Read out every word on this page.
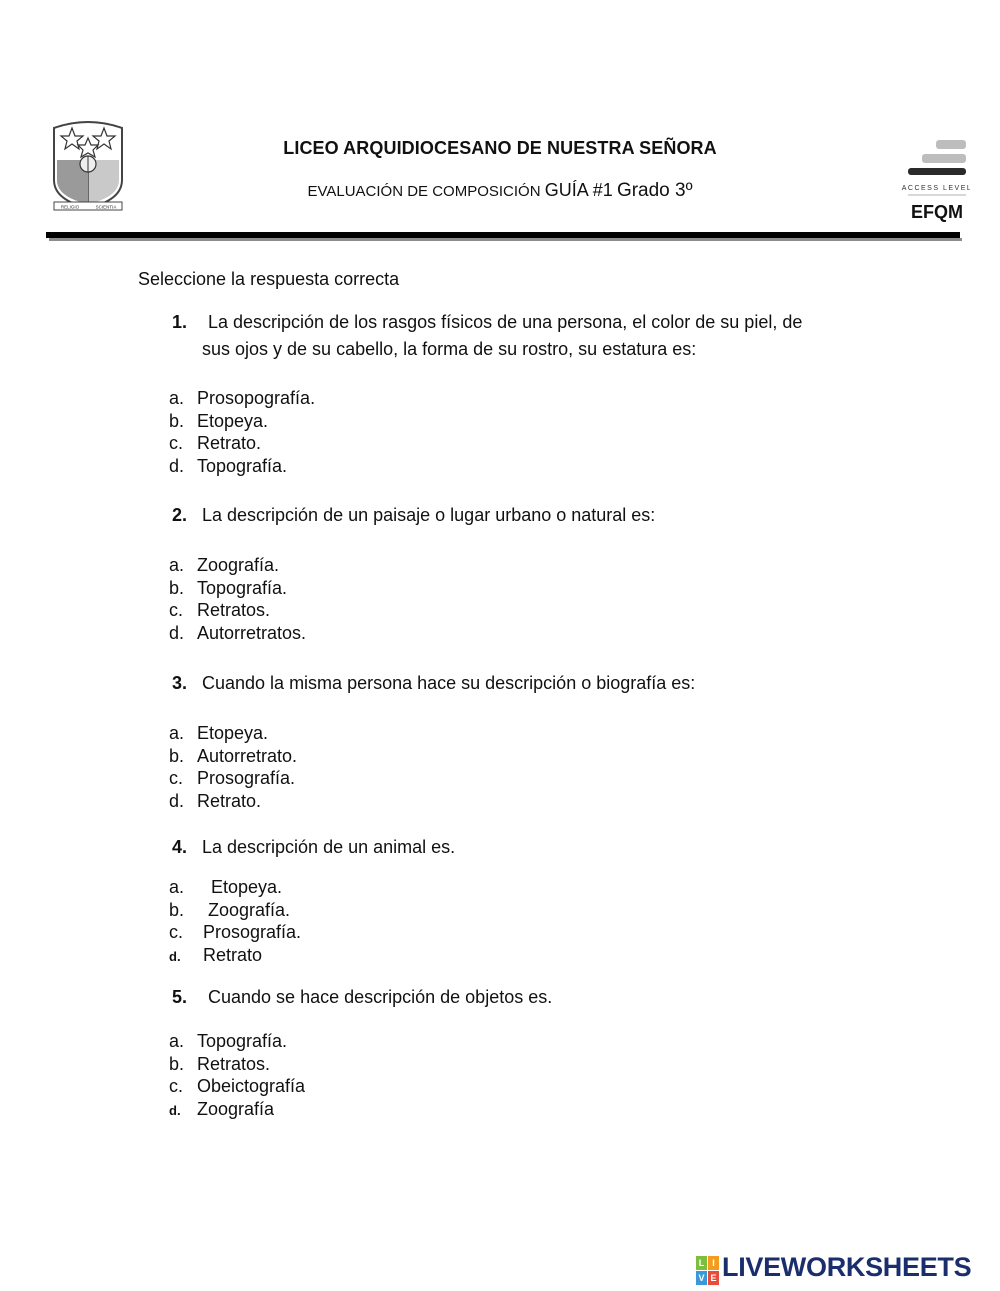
RELIGIO	SCIENTIA
LICEO ARQUIDIOCESANO DE NUESTRA SEÑORA
EVALUACIÓN DE COMPOSICIÓN GUÍA #1 Grado 3º	ACCESS LEVEL
EFQM
Seleccione la respuesta correcta
1. La descripción de los rasgos físicos de una persona, el color de su piel, de
sus ojos y de su cabello, la forma de su rostro, su estatura es:
a. Prosopografía.
b. Etopeya.
c. Retrato.
d. Topografía.
2. La descripción de un paisaje o lugar urbano o natural es:
a. Zoografía.
b. Topografía.
c. Retratos.
d. Autorretratos.
3. Cuando la misma persona hace su descripción o biografía es:
a. Etopeya.
b. Autorretrato.
c. Prosografía.
d. Retrato.
4. La descripción de un animal es.
a. Etopeya.
b. Zoografía.
c. Prosografía.
d. Retrato
5. Cuando se hace descripción de objetos es.
a. Topografía.
b. Retratos.
c. Obeictografía
d. Zoografía
L I
V E LIVEWORKSHEETS
